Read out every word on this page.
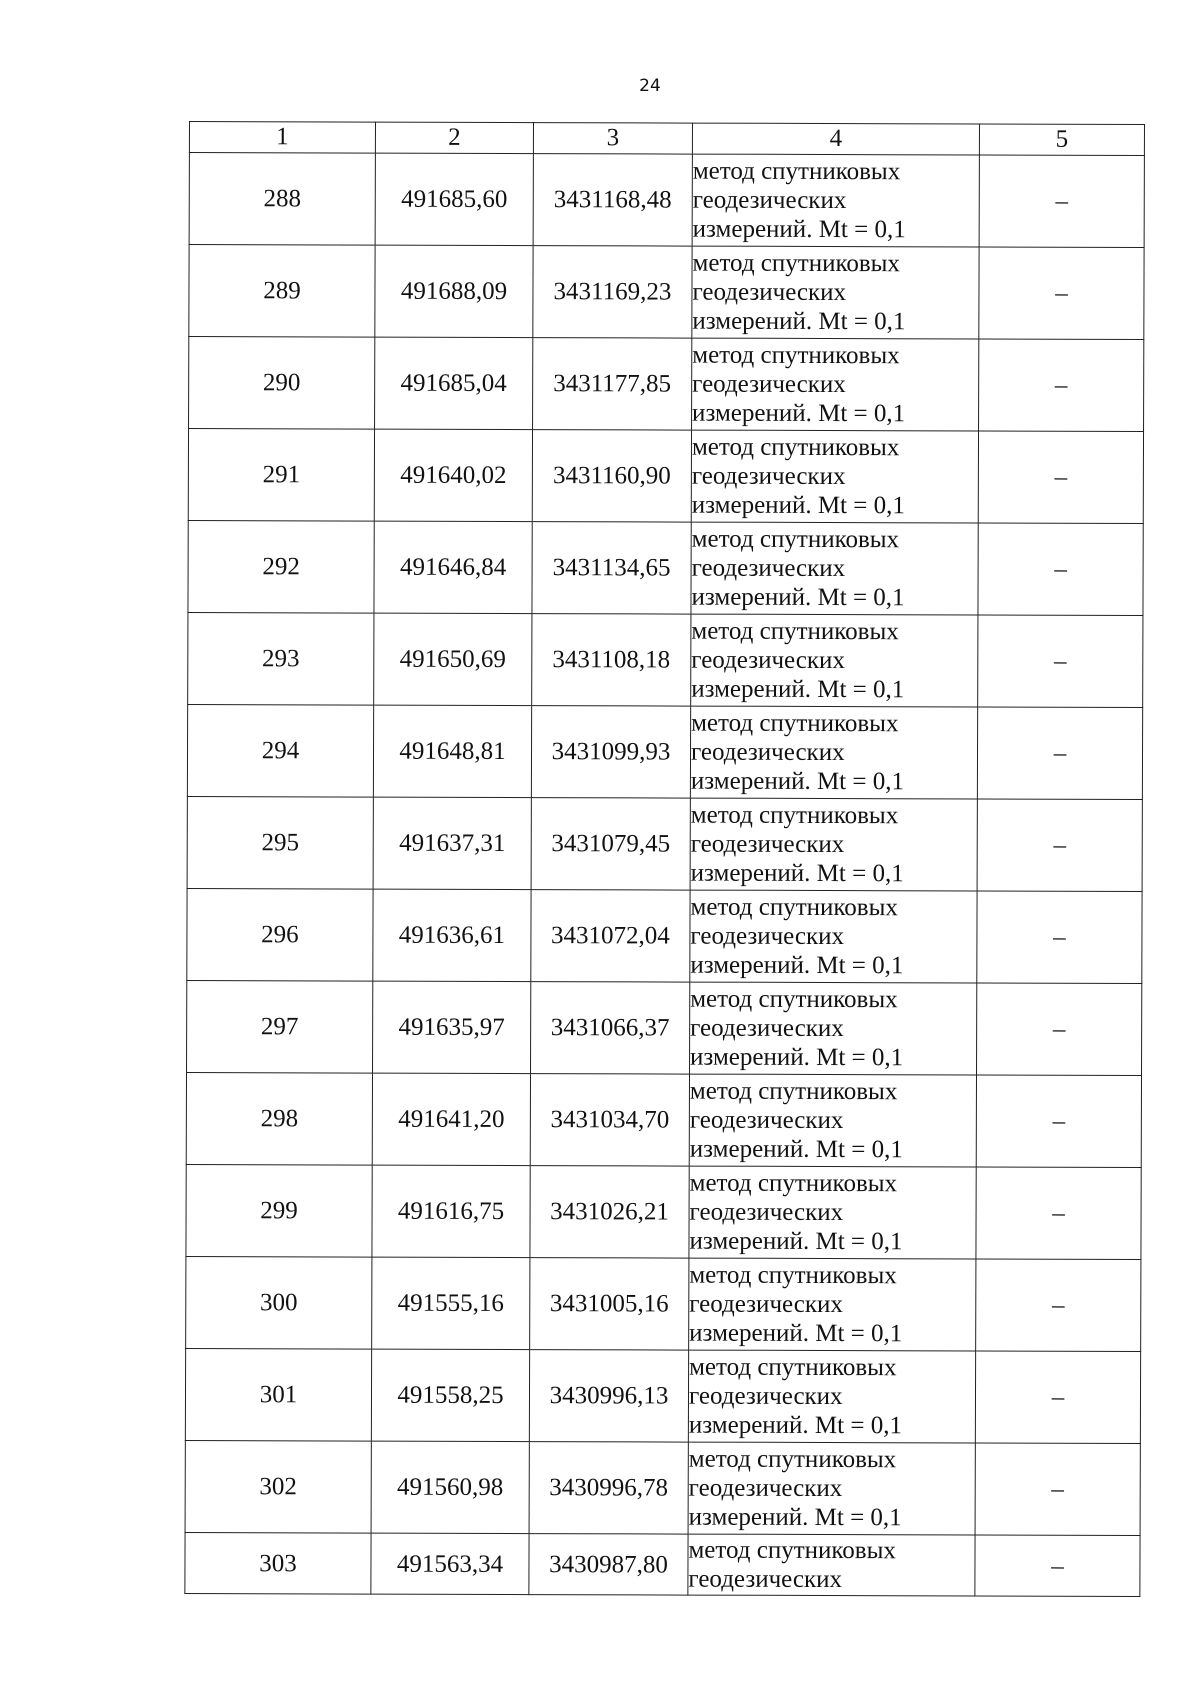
24
1	2	3	4	5
288	491685,60	3431168,48	метод спутниковых
геодезических
измерений. Mt = 0,1	–
289	491688,09	3431169,23	метод спутниковых
геодезических
измерений. Mt = 0,1	–
290	491685,04	3431177,85	метод спутниковых
геодезических
измерений. Mt = 0,1	–
291	491640,02	3431160,90	метод спутниковых
геодезических
измерений. Mt = 0,1	–
292	491646,84	3431134,65	метод спутниковых
геодезических
измерений. Mt = 0,1	–
293	491650,69	3431108,18	метод спутниковых
геодезических
измерений. Mt = 0,1	–
294	491648,81	3431099,93	метод спутниковых
геодезических
измерений. Mt = 0,1	–
295	491637,31	3431079,45	метод спутниковых
геодезических
измерений. Mt = 0,1	–
296	491636,61	3431072,04	метод спутниковых
геодезических
измерений. Mt = 0,1	–
297	491635,97	3431066,37	метод спутниковых
геодезических
измерений. Mt = 0,1	–
298	491641,20	3431034,70	метод спутниковых
геодезических
измерений. Mt = 0,1	–
299	491616,75	3431026,21	метод спутниковых
геодезических
измерений. Mt = 0,1	–
300	491555,16	3431005,16	метод спутниковых
геодезических
измерений. Mt = 0,1	–
301	491558,25	3430996,13	метод спутниковых
геодезических
измерений. Mt = 0,1	–
302	491560,98	3430996,78	метод спутниковых
геодезических
измерений. Mt = 0,1	–
303	491563,34	3430987,80	метод спутниковых
геодезических	–
